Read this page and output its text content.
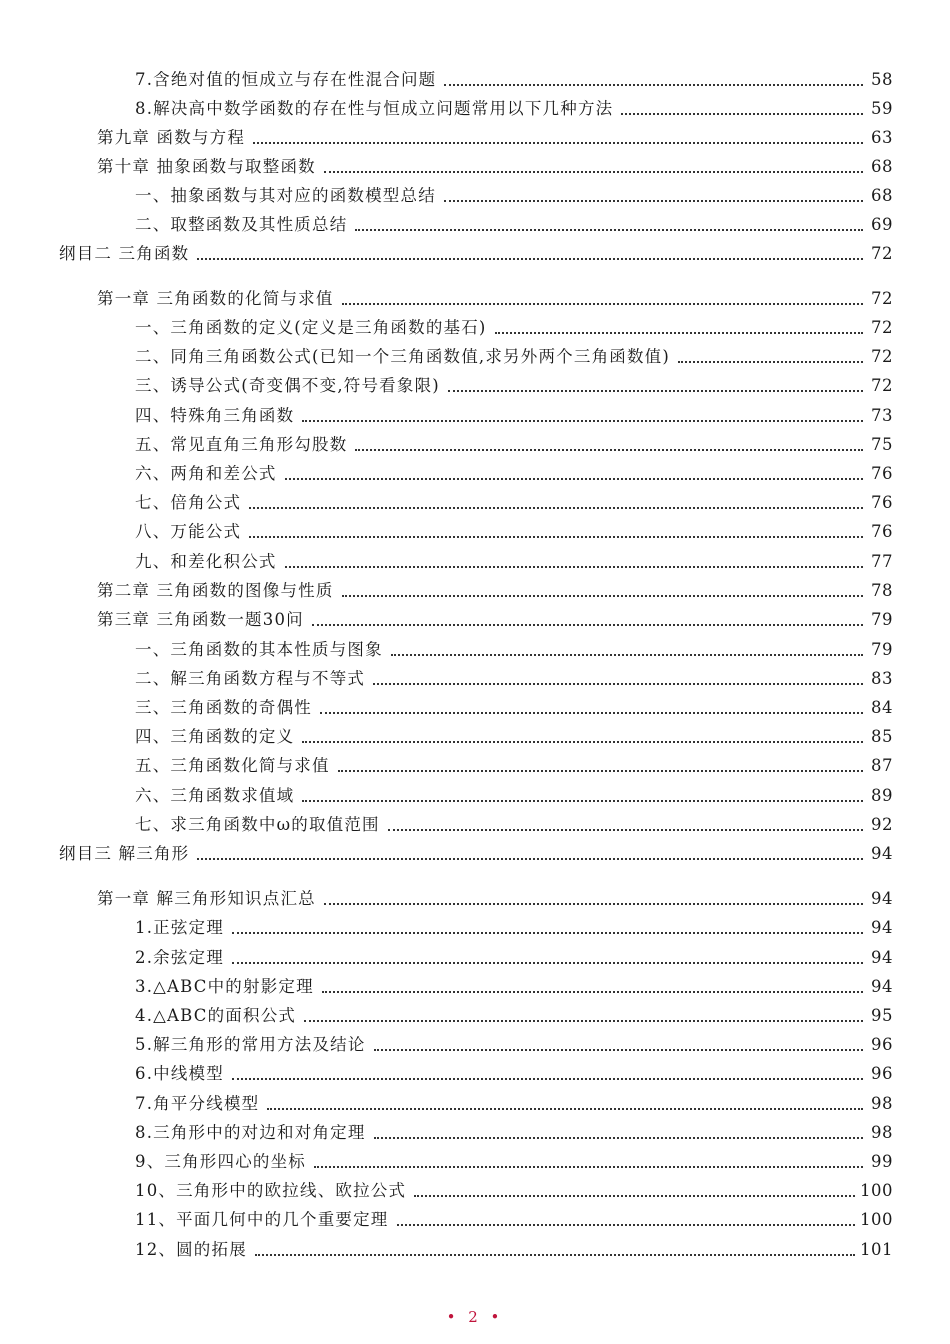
7.含绝对值的恒成立与存在性混合问题	58
8.解决高中数学函数的存在性与恒成立问题常用以下几种方法	59
第九章 函数与方程	63
第十章 抽象函数与取整函数	68
一、抽象函数与其对应的函数模型总结	68
二、取整函数及其性质总结	69
纲目二 三角函数	72
第一章 三角函数的化简与求值	72
一、三角函数的定义(定义是三角函数的基石)	72
二、同角三角函数公式(已知一个三角函数值,求另外两个三角函数值)	72
三、诱导公式(奇变偶不变,符号看象限)	72
四、特殊角三角函数	73
五、常见直角三角形勾股数	75
六、两角和差公式	76
七、倍角公式	76
八、万能公式	76
九、和差化积公式	77
第二章 三角函数的图像与性质	78
第三章 三角函数一题30问	79
一、三角函数的其本性质与图象	79
二、解三角函数方程与不等式	83
三、三角函数的奇偶性	84
四、三角函数的定义	85
五、三角函数化简与求值	87
六、三角函数求值域	89
七、求三角函数中ω的取值范围	92
纲目三 解三角形	94
第一章 解三角形知识点汇总	94
1.正弦定理	94
2.余弦定理	94
3.△ABC中的射影定理	94
4.△ABC的面积公式	95
5.解三角形的常用方法及结论	96
6.中线模型	96
7.角平分线模型	98
8.三角形中的对边和对角定理	98
9、三角形四心的坐标	99
10、三角形中的欧拉线、欧拉公式	100
11、平面几何中的几个重要定理	100
12、圆的拓展	101
• 2 •
